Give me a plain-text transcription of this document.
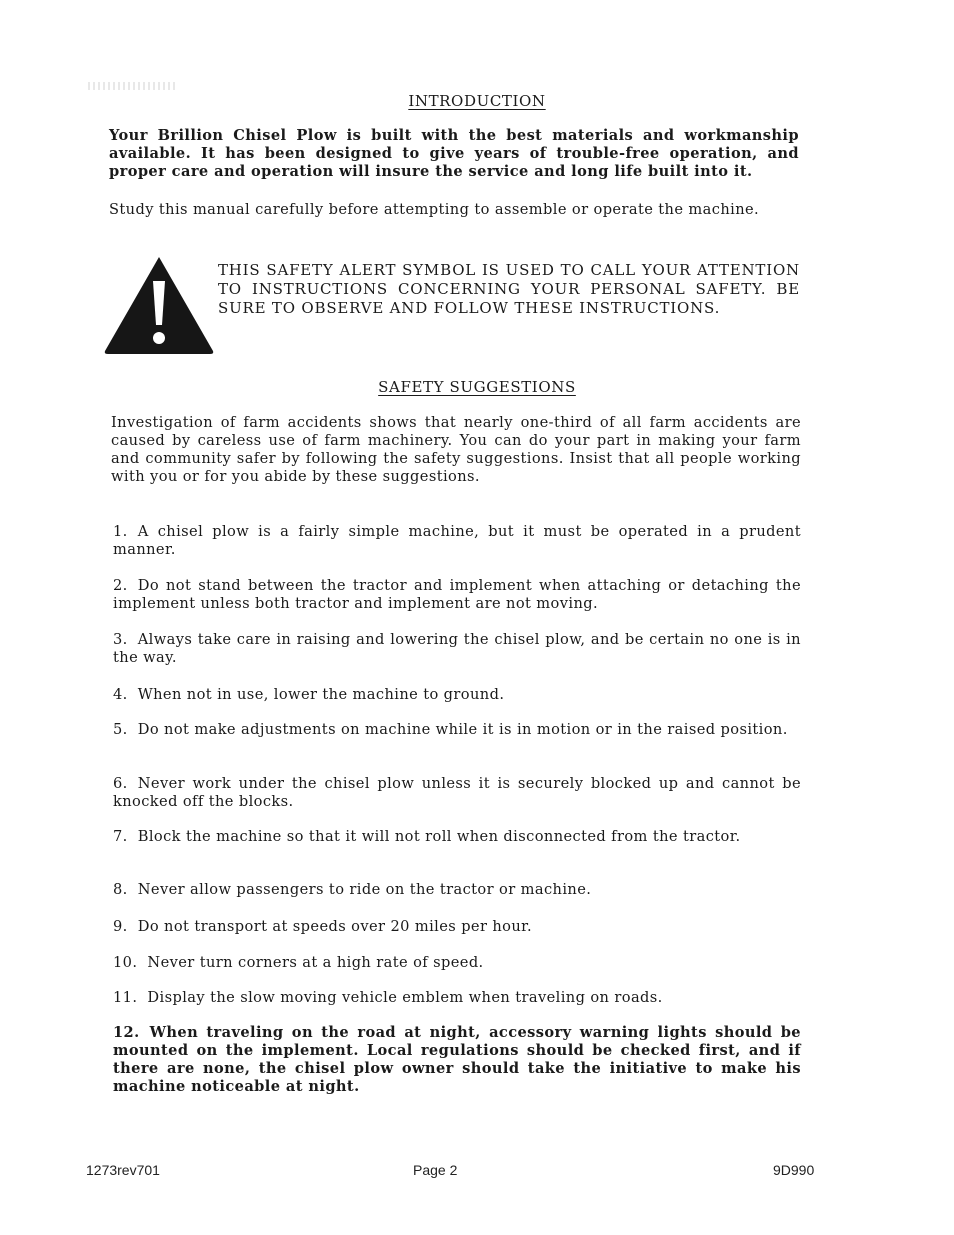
INTRODUCTION

Your Brillion Chisel Plow is built with the best materials and workmanship available. It has been designed to give years of trouble-free operation, and proper care and operation will insure the service and long life built into it.

Study this manual carefully before attempting to assemble or operate the machine.

THIS SAFETY ALERT SYMBOL IS USED TO CALL YOUR ATTENTION TO INSTRUCTIONS CONCERNING YOUR PERSONAL SAFETY. BE SURE TO OBSERVE AND FOLLOW THESE INSTRUCTIONS.

SAFETY SUGGESTIONS

Investigation of farm accidents shows that nearly one-third of all farm accidents are caused by careless use of farm machinery. You can do your part in making your farm and community safer by following the safety suggestions. Insist that all people working with you or for you abide by these suggestions.

1. A chisel plow is a fairly simple machine, but it must be operated in a prudent manner.

2. Do not stand between the tractor and implement when attaching or detaching the implement unless both tractor and implement are not moving.

3. Always take care in raising and lowering the chisel plow, and be certain no one is in the way.

4. When not in use, lower the machine to ground.

5. Do not make adjustments on machine while it is in motion or in the raised position.

6. Never work under the chisel plow unless it is securely blocked up and cannot be knocked off the blocks.

7. Block the machine so that it will not roll when disconnected from the tractor.

8. Never allow passengers to ride on the tractor or machine.

9. Do not transport at speeds over 20 miles per hour.

10. Never turn corners at a high rate of speed.

11. Display the slow moving vehicle emblem when traveling on roads.

12. When traveling on the road at night, accessory warning lights should be mounted on the implement. Local regulations should be checked first, and if there are none, the chisel plow owner should take the initiative to make his machine noticeable at night.

1273rev701	Page 2	9D990
